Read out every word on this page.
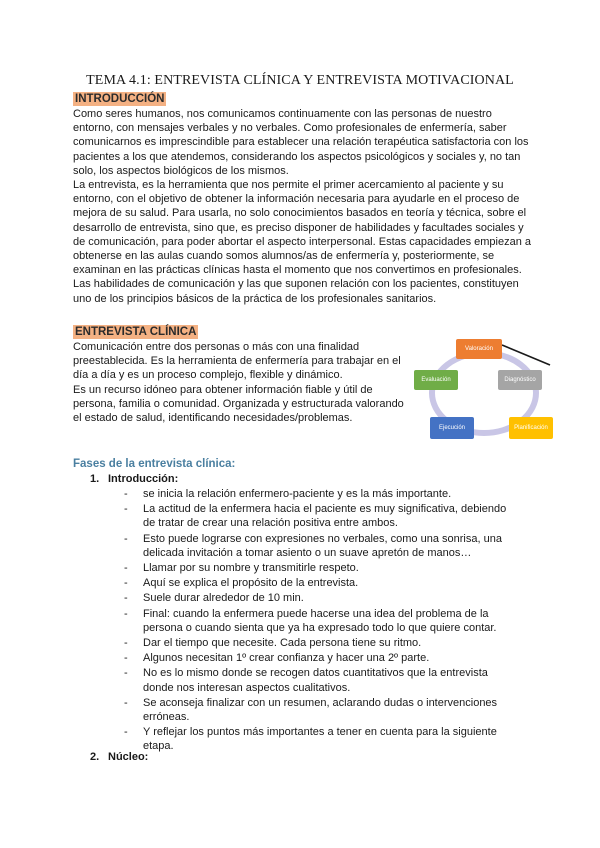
TEMA 4.1: ENTREVISTA CLÍNICA Y ENTREVISTA MOTIVACIONAL
INTRODUCCIÓN

Como seres humanos, nos comunicamos continuamente con las personas de nuestro entorno, con mensajes verbales y no verbales. Como profesionales de enfermería, saber comunicarnos es imprescindible para establecer una relación terapéutica satisfactoria con los pacientes a los que atendemos, considerando los aspectos psicológicos y sociales y, no tan solo, los aspectos biológicos de los mismos.

La entrevista, es la herramienta que nos permite el primer acercamiento al paciente y su entorno, con el objetivo de obtener la información necesaria para ayudarle en el proceso de mejora de su salud. Para usarla, no solo conocimientos basados en teoría y técnica, sobre el desarrollo de entrevista, sino que, es preciso disponer de habilidades y facultades sociales y de comunicación, para poder abortar el aspecto interpersonal. Estas capacidades empiezan a obtenerse en las aulas cuando somos alumnos/as de enfermería y, posteriormente, se examinan en las prácticas clínicas hasta el momento que nos convertimos en profesionales.

Las habilidades de comunicación y las que suponen relación con los pacientes, constituyen uno de los principios básicos de la práctica de los profesionales sanitarios.

ENTREVISTA CLÍNICA

Comunicación entre dos personas o más con una finalidad preestablecida. Es la herramienta de enfermería para trabajar en el día a día y es un proceso complejo, flexible y dinámico.

Es un recurso idóneo para obtener información fiable y útil de persona, familia o comunidad. Organizada y estructurada valorando el estado de salud, identificando necesidades/problemas.

Valoración
Diagnóstico
Planificación
Ejecución
Evaluación
Fases de la entrevista clínica:
1. Introducción:
- se inicia la relación enfermero-paciente y es la más importante.
- La actitud de la enfermera hacia el paciente es muy significativa, debiendo de tratar de crear una relación positiva entre ambos.
- Esto puede lograrse con expresiones no verbales, como una sonrisa, una delicada invitación a tomar asiento o un suave apretón de manos…
- Llamar por su nombre y transmitirle respeto.
- Aquí se explica el propósito de la entrevista.
- Suele durar alrededor de 10 min.
- Final: cuando la enfermera puede hacerse una idea del problema de la persona o cuando sienta que ya ha expresado todo lo que quiere contar.
- Dar el tiempo que necesite. Cada persona tiene su ritmo.
- Algunos necesitan 1º crear confianza y hacer una 2º parte.
- No es lo mismo donde se recogen datos cuantitativos que la entrevista donde nos interesan aspectos cualitativos.
- Se aconseja finalizar con un resumen, aclarando dudas o intervenciones erróneas.
- Y reflejar los puntos más importantes a tener en cuenta para la siguiente etapa.
2. Núcleo:
